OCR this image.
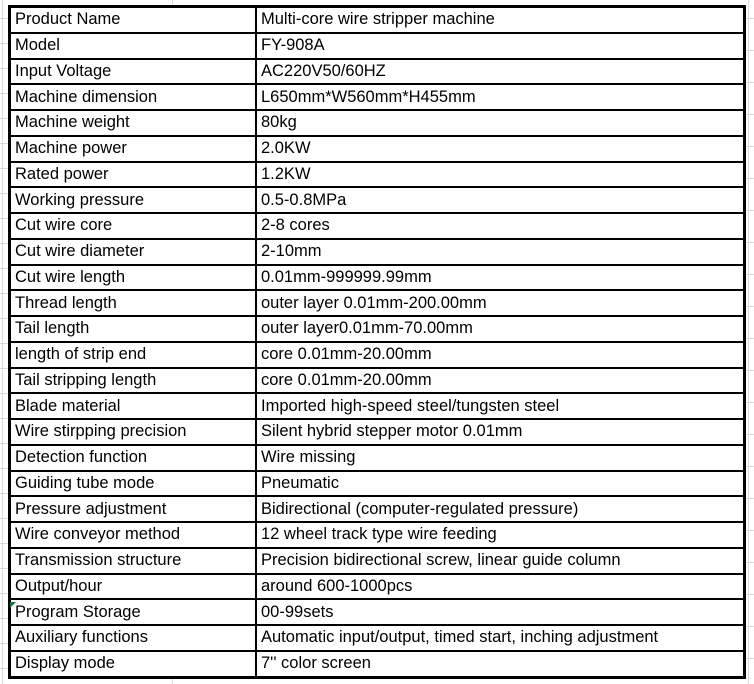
Product Name	Multi-core wire stripper machine
Model	FY-908A
Input Voltage	AC220V50/60HZ
Machine dimension	L650mm*W560mm*H455mm
Machine weight	80kg
Machine power	2.0KW
Rated power	1.2KW
Working pressure	0.5-0.8MPa
Cut wire core	2-8 cores
Cut wire diameter	2-10mm
Cut wire length	0.01mm-999999.99mm
Thread length	outer layer 0.01mm-200.00mm
Tail length	outer layer0.01mm-70.00mm
length of strip end	core 0.01mm-20.00mm
Tail stripping length	core 0.01mm-20.00mm
Blade material	Imported high-speed steel/tungsten steel
Wire stirpping precision	Silent hybrid stepper motor 0.01mm
Detection function	Wire missing
Guiding tube mode	Pneumatic
Pressure adjustment	Bidirectional (computer-regulated pressure)
Wire conveyor method	12 wheel track type wire feeding
Transmission structure	Precision bidirectional screw, linear guide column
Output/hour	around 600-1000pcs
Program Storage	00-99sets
Auxiliary functions	Automatic input/output, timed start, inching adjustment
Display mode	7'' color screen
